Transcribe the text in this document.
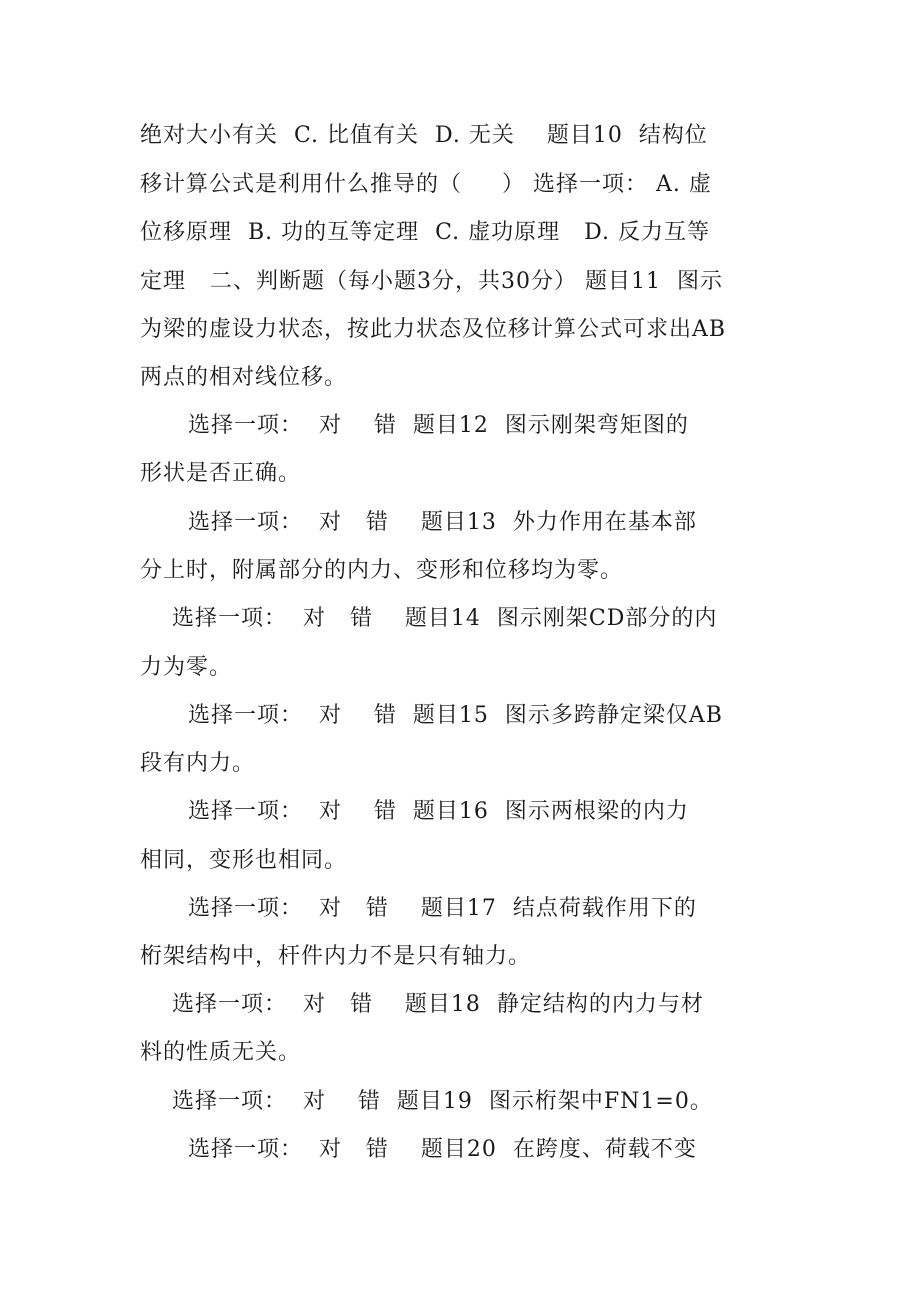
绝对大小有关  C. 比值有关  D. 无关    题目10  结构位
移计算公式是利用什么推导的（     ） 选择一项： A. 虚
位移原理  B. 功的互等定理  C. 虚功原理   D. 反力互等
定理   二、判断题（每小题3分，共30分） 题目11  图示
为梁的虚设力状态，按此力状态及位移计算公式可求出AB
两点的相对线位移。
选择一项：  对    错  题目12  图示刚架弯矩图的
形状是否正确。
选择一项：  对   错    题目13  外力作用在基本部
分上时，附属部分的内力、变形和位移均为零。
选择一项：  对   错    题目14  图示刚架CD部分的内
力为零。
选择一项：  对    错  题目15  图示多跨静定梁仅AB
段有内力。
选择一项：  对    错  题目16  图示两根梁的内力
相同，变形也相同。
选择一项：  对   错    题目17  结点荷载作用下的
桁架结构中，杆件内力不是只有轴力。
选择一项：  对   错    题目18  静定结构的内力与材
料的性质无关。
选择一项：  对    错  题目19  图示桁架中FN1=0。
选择一项：  对   错    题目20  在跨度、荷载不变
